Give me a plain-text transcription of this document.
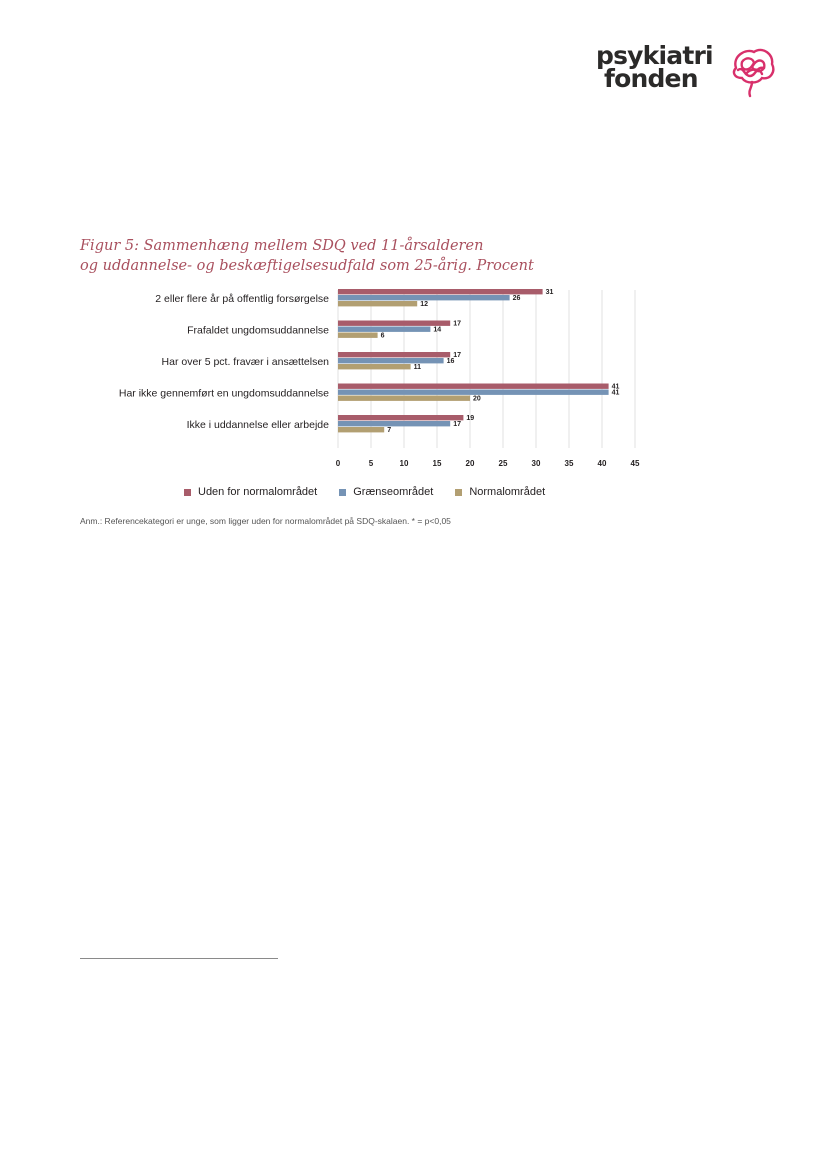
psykiatri
fonden

Figur 5: Sammenhæng mellem SDQ ved 11-årsalderen
og uddannelse- og beskæftigelsesudfald som 25-årig. Procent

0	5	10	15	20	25	30	35	40	45
2 eller flere år på offentlig forsørgelse
31
26
12
Frafaldet ungdomsuddannelse
17
14
6
Har over 5 pct. fravær i ansættelsen
17
16
11
Har ikke gennemført en ungdomsuddannelse
41
41
20
Ikke i uddannelse eller arbejde
19
17
7
Uden for normalområdet	Grænseområdet	Normalområdet

Anm.: Referencekategori er unge, som ligger uden for normalområdet på SDQ-skalaen. * = p<0,05
